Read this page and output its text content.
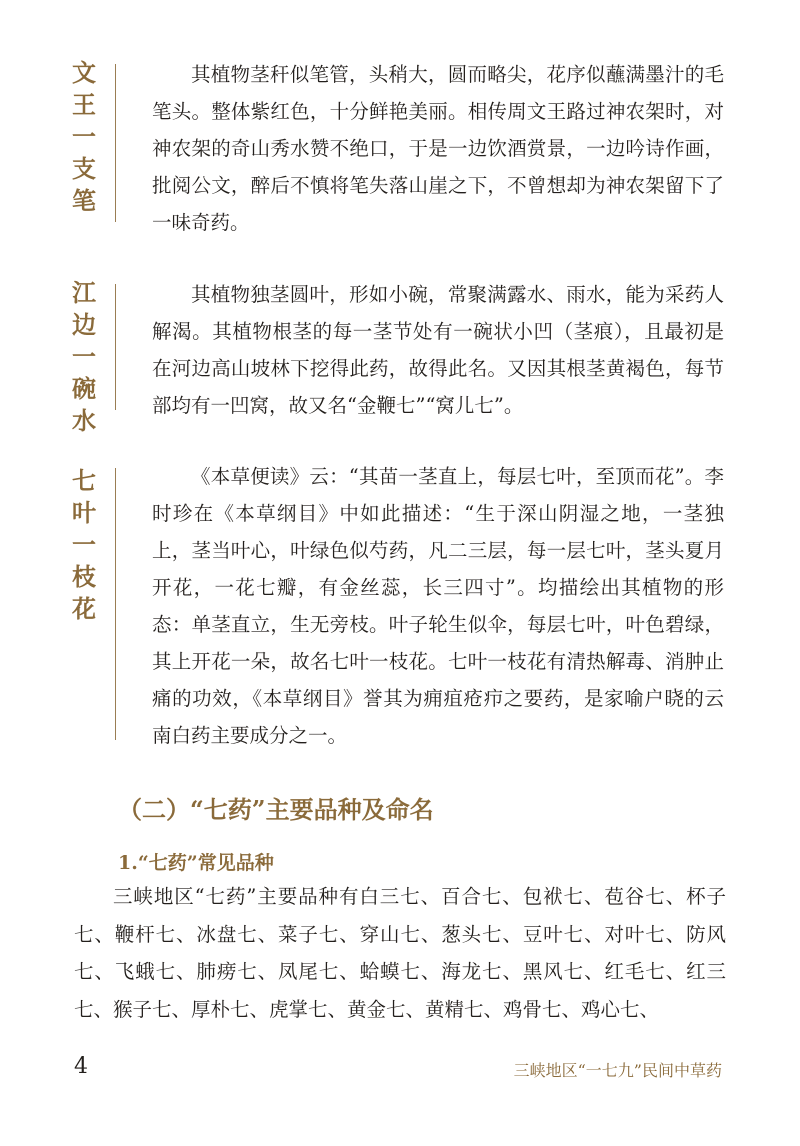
文王一支笔

其植物茎秆似笔管，头稍大，圆而略尖，花序似蘸满墨汁的毛笔头。整体紫红色，十分鲜艳美丽。相传周文王路过神农架时，对神农架的奇山秀水赞不绝口，于是一边饮酒赏景，一边吟诗作画，批阅公文，醉后不慎将笔失落山崖之下，不曾想却为神农架留下了一味奇药。

江边一碗水

其植物独茎圆叶，形如小碗，常聚满露水、雨水，能为采药人解渴。其植物根茎的每一茎节处有一碗状小凹（茎痕），且最初是在河边高山坡林下挖得此药，故得此名。又因其根茎黄褐色，每节部均有一凹窝，故又名“金鞭七”“窝儿七”。

七叶一枝花

《本草便读》云：“其苗一茎直上，每层七叶，至顶而花”。李时珍在《本草纲目》中如此描述：“生于深山阴湿之地，一茎独上，茎当叶心，叶绿色似芍药，凡二三层，每一层七叶，茎头夏月开花，一花七瓣，有金丝蕊，长三四寸”。均描绘出其植物的形态：单茎直立，生无旁枝。叶子轮生似伞，每层七叶，叶色碧绿，其上开花一朵，故名七叶一枝花。七叶一枝花有清热解毒、消肿止痛的功效，《本草纲目》誉其为痈疽疮疖之要药，是家喻户晓的云南白药主要成分之一。

（二）“七药”主要品种及命名
1.“七药”常见品种

三峡地区“七药”主要品种有白三七、百合七、包袱七、苞谷七、杯子七、鞭杆七、冰盘七、菜子七、穿山七、葱头七、豆叶七、对叶七、防风七、飞蛾七、肺痨七、凤尾七、蛤蟆七、海龙七、黑风七、红毛七、红三七、猴子七、厚朴七、虎掌七、黄金七、黄精七、鸡骨七、鸡心七、

4	三峡地区“一七九”民间中草药
